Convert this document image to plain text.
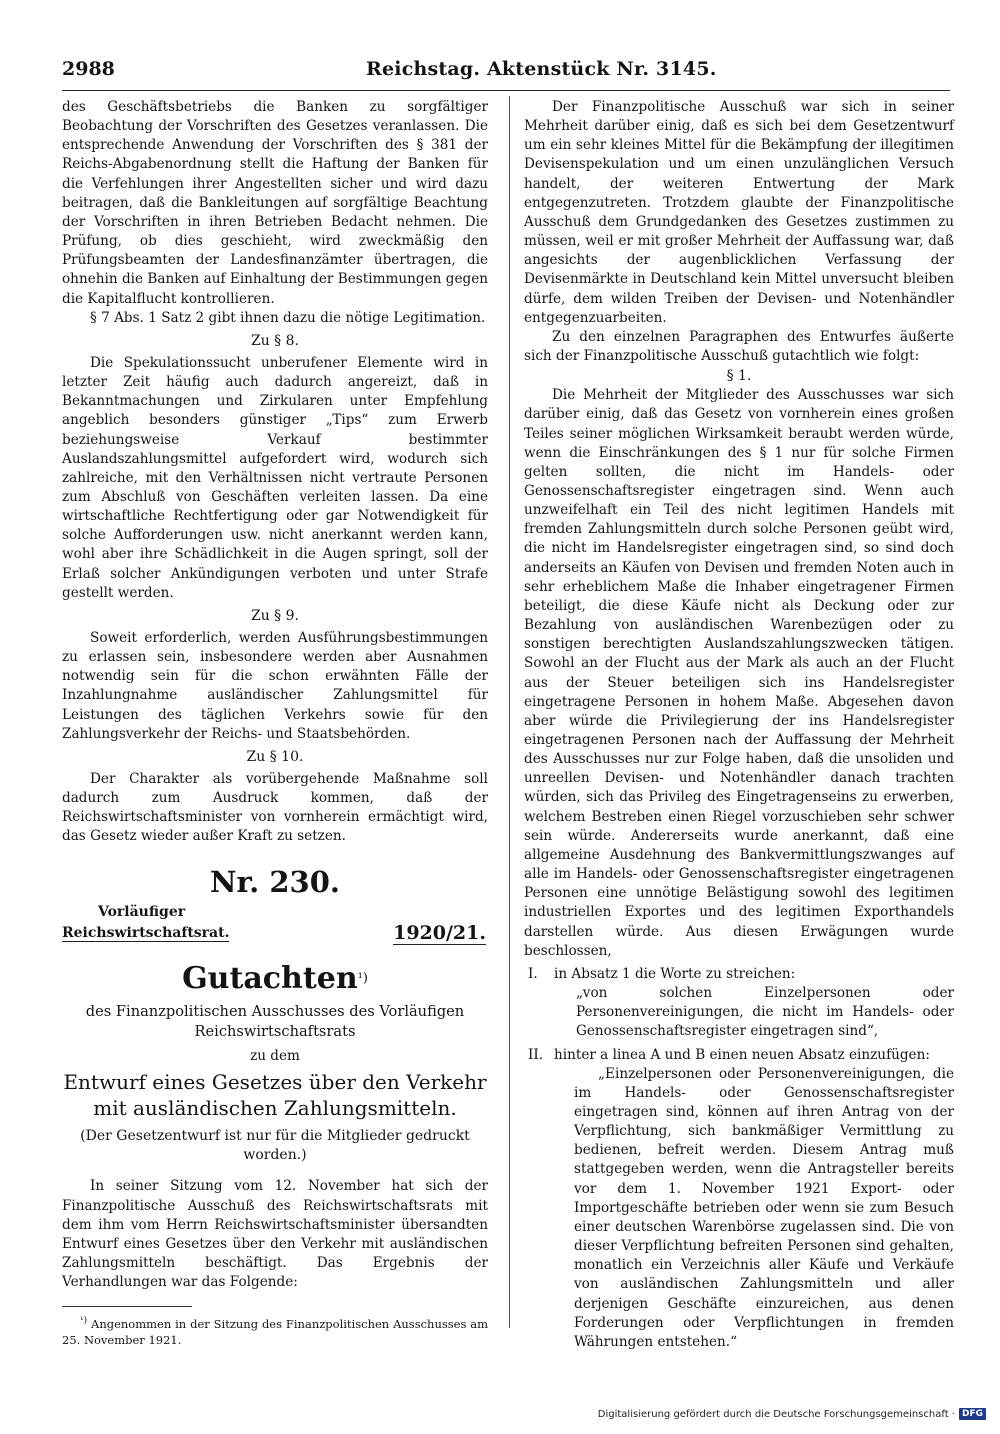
2988	Reichstag. Aktenstück Nr. 3145.

des Geschäftsbetriebs die Banken zu sorgfältiger Beobachtung der Vorschriften des Gesetzes veranlassen. Die entsprechende Anwendung der Vorschriften des § 381 der Reichs-Abgabenordnung stellt die Haftung der Banken für die Verfehlungen ihrer Angestellten sicher und wird dazu beitragen, daß die Bankleitungen auf sorgfältige Beachtung der Vorschriften in ihren Betrieben Bedacht nehmen. Die Prüfung, ob dies geschieht, wird zweckmäßig den Prüfungsbeamten der Landesfinanzämter übertragen, die ohnehin die Banken auf Einhaltung der Bestimmungen gegen die Kapitalflucht kontrollieren.

§ 7 Abs. 1 Satz 2 gibt ihnen dazu die nötige Legitimation.

Zu § 8.

Die Spekulationssucht unberufener Elemente wird in letzter Zeit häufig auch dadurch angereizt, daß in Bekanntmachungen und Zirkularen unter Empfehlung angeblich besonders günstiger „Tips“ zum Erwerb beziehungsweise Verkauf bestimmter Auslandszahlungsmittel aufgefordert wird, wodurch sich zahlreiche, mit den Verhältnissen nicht vertraute Personen zum Abschluß von Geschäften verleiten lassen. Da eine wirtschaftliche Rechtfertigung oder gar Notwendigkeit für solche Aufforderungen usw. nicht anerkannt werden kann, wohl aber ihre Schädlichkeit in die Augen springt, soll der Erlaß solcher Ankündigungen verboten und unter Strafe gestellt werden.

Zu § 9.

Soweit erforderlich, werden Ausführungsbestimmungen zu erlassen sein, insbesondere werden aber Ausnahmen notwendig sein für die schon erwähnten Fälle der Inzahlungnahme ausländischer Zahlungsmittel für Leistungen des täglichen Verkehrs sowie für den Zahlungsverkehr der Reichs- und Staatsbehörden.

Zu § 10.

Der Charakter als vorübergehende Maßnahme soll dadurch zum Ausdruck kommen, daß der Reichswirtschaftsminister von vornherein ermächtigt wird, das Gesetz wieder außer Kraft zu setzen.

Nr. 230.
Vorläufiger
Reichswirtschaftsrat.	1920/21.
Gutachten$^{^1)}$
des Finanzpolitischen Ausschusses des Vorläufigen Reichswirtschaftsrats
zu dem
Entwurf eines Gesetzes über den Verkehr mit ausländischen Zahlungsmitteln.
(Der Gesetzentwurf ist nur für die Mitglieder gedruckt worden.)

In seiner Sitzung vom 12. November hat sich der Finanzpolitische Ausschuß des Reichswirtschaftsrats mit dem ihm vom Herrn Reichswirtschaftsminister übersandten Entwurf eines Gesetzes über den Verkehr mit ausländischen Zahlungsmitteln beschäftigt. Das Ergebnis der Verhandlungen war das Folgende:

$^{^1)}$ Angenommen in der Sitzung des Finanzpolitischen Ausschusses am 25. November 1921.

Der Finanzpolitische Ausschuß war sich in seiner Mehrheit darüber einig, daß es sich bei dem Gesetzentwurf um ein sehr kleines Mittel für die Bekämpfung der illegitimen Devisenspekulation und um einen unzulänglichen Versuch handelt, der weiteren Entwertung der Mark entgegenzutreten. Trotzdem glaubte der Finanzpolitische Ausschuß dem Grundgedanken des Gesetzes zustimmen zu müssen, weil er mit großer Mehrheit der Auffassung war, daß angesichts der augenblicklichen Verfassung der Devisenmärkte in Deutschland kein Mittel unversucht bleiben dürfe, dem wilden Treiben der Devisen- und Notenhändler entgegenzuarbeiten.

Zu den einzelnen Paragraphen des Entwurfes äußerte sich der Finanzpolitische Ausschuß gutachtlich wie folgt:

§ 1.

Die Mehrheit der Mitglieder des Ausschusses war sich darüber einig, daß das Gesetz von vornherein eines großen Teiles seiner möglichen Wirksamkeit beraubt werden würde, wenn die Einschränkungen des § 1 nur für solche Firmen gelten sollten, die nicht im Handels- oder Genossenschaftsregister eingetragen sind. Wenn auch unzweifelhaft ein Teil des nicht legitimen Handels mit fremden Zahlungsmitteln durch solche Personen geübt wird, die nicht im Handelsregister eingetragen sind, so sind doch anderseits an Käufen von Devisen und fremden Noten auch in sehr erheblichem Maße die Inhaber eingetragener Firmen beteiligt, die diese Käufe nicht als Deckung oder zur Bezahlung von ausländischen Warenbezügen oder zu sonstigen berechtigten Auslandszahlungszwecken tätigen. Sowohl an der Flucht aus der Mark als auch an der Flucht aus der Steuer beteiligen sich ins Handelsregister eingetragene Personen in hohem Maße. Abgesehen davon aber würde die Privilegierung der ins Handelsregister eingetragenen Personen nach der Auffassung der Mehrheit des Ausschusses nur zur Folge haben, daß die unsoliden und unreellen Devisen- und Notenhändler danach trachten würden, sich das Privileg des Eingetragenseins zu erwerben, welchem Bestreben einen Riegel vorzuschieben sehr schwer sein würde. Andererseits wurde anerkannt, daß eine allgemeine Ausdehnung des Bankvermittlungszwanges auf alle im Handels- oder Genossenschaftsregister eingetragenen Personen eine unnötige Belästigung sowohl des legitimen industriellen Exportes und des legitimen Exporthandels darstellen würde. Aus diesen Erwägungen wurde beschlossen,

I. in Absatz 1 die Worte zu streichen:

„von solchen Einzelpersonen oder Personenvereinigungen, die nicht im Handels- oder Genossenschaftsregister eingetragen sind“,

II. hinter a linea A und B einen neuen Absatz einzufügen:

„Einzelpersonen oder Personenvereinigungen, die im Handels- oder Genossenschaftsregister eingetragen sind, können auf ihren Antrag von der Verpflichtung, sich bankmäßiger Vermittlung zu bedienen, befreit werden. Diesem Antrag muß stattgegeben werden, wenn die Antragsteller bereits vor dem 1. November 1921 Export- oder Importgeschäfte betrieben oder wenn sie zum Besuch einer deutschen Warenbörse zugelassen sind. Die von dieser Verpflichtung befreiten Personen sind gehalten, monatlich ein Verzeichnis aller Käufe und Verkäufe von ausländischen Zahlungsmitteln und aller derjenigen Geschäfte einzureichen, aus denen Forderungen oder Verpflichtungen in fremden Währungen entstehen.“

Digitalisierung gefördert durch die Deutsche Forschungsgemeinschaft · DFG
